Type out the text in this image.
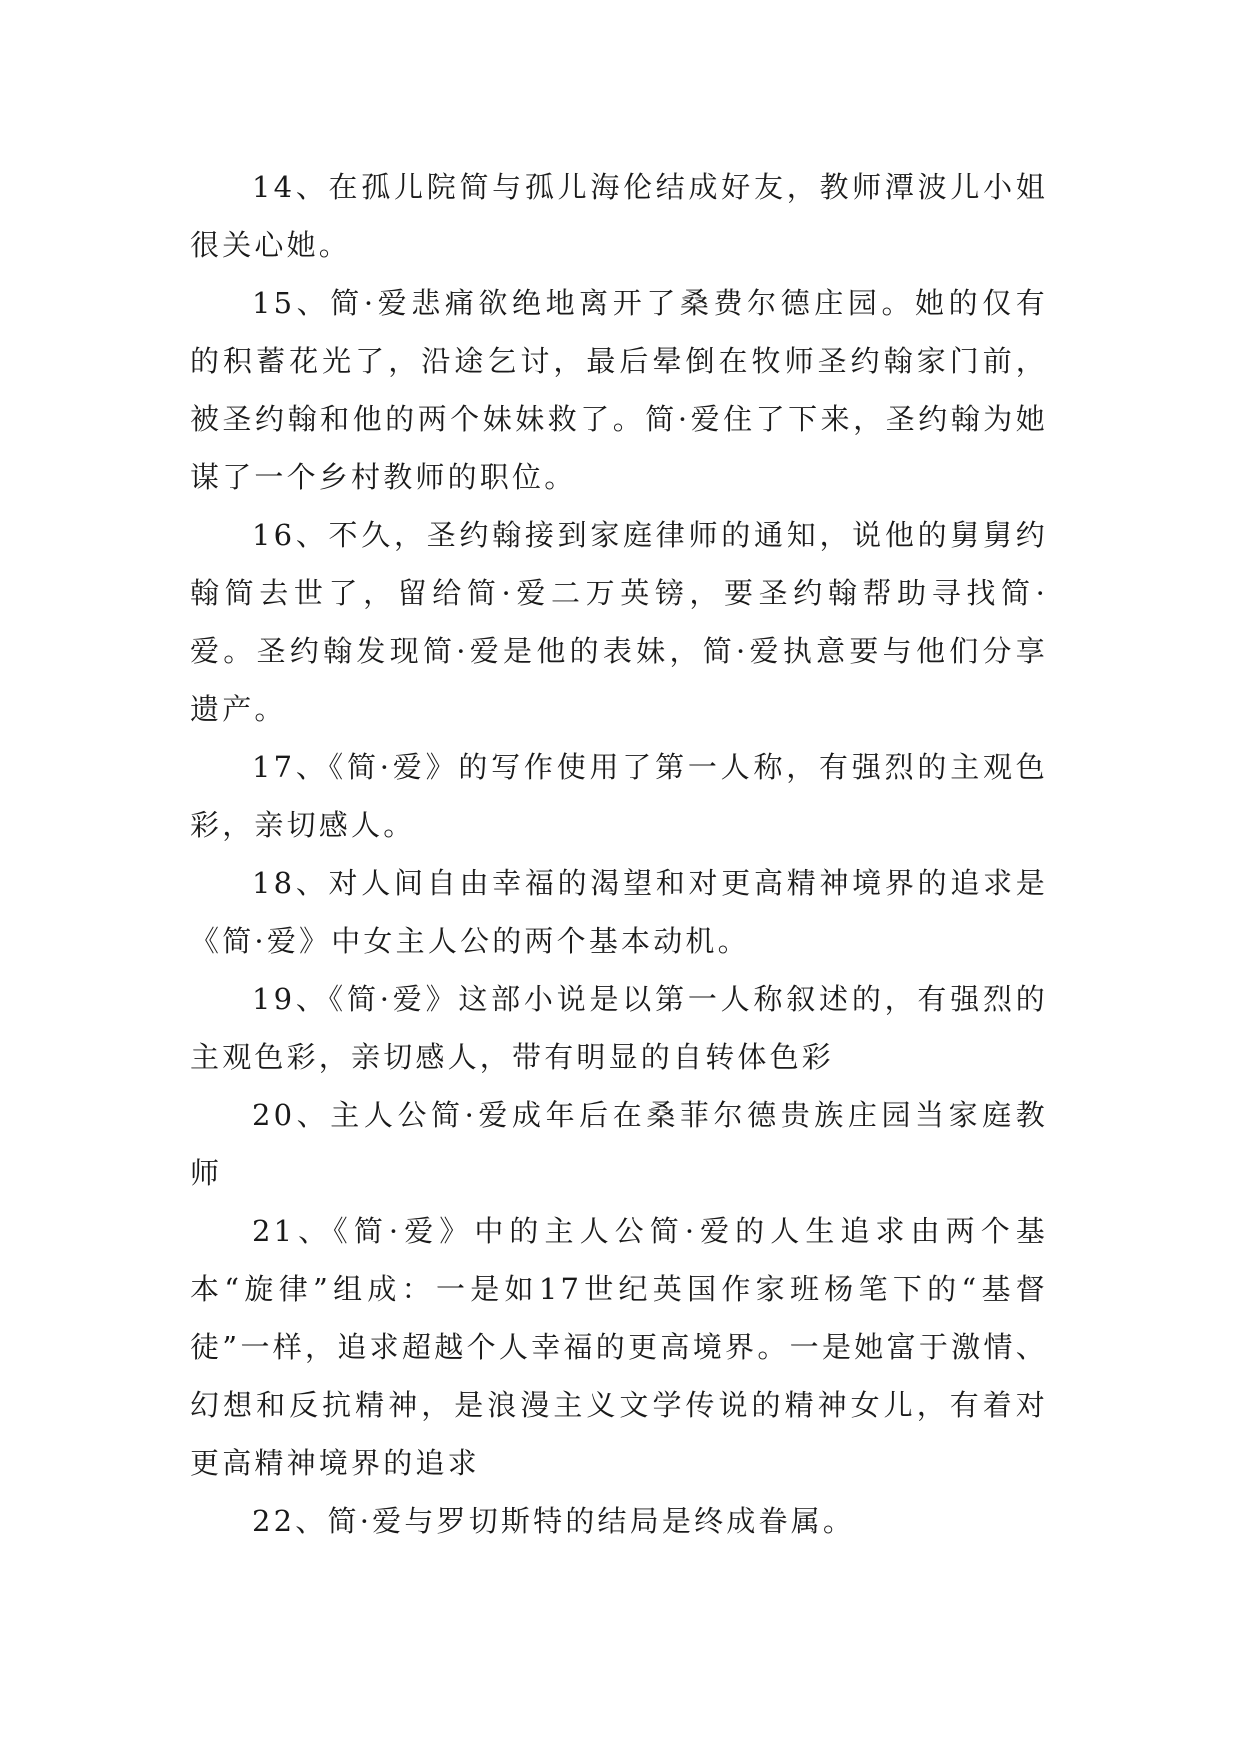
14、在孤儿院简与孤儿海伦结成好友，教师潭波儿小姐很关心她。

15、简·爱悲痛欲绝地离开了桑费尔德庄园。她的仅有的积蓄花光了，沿途乞讨，最后晕倒在牧师圣约翰家门前，被圣约翰和他的两个妹妹救了。简·爱住了下来，圣约翰为她谋了一个乡村教师的职位。

16、不久，圣约翰接到家庭律师的通知，说他的舅舅约翰简去世了，留给简·爱二万英镑，要圣约翰帮助寻找简·爱。圣约翰发现简·爱是他的表妹，简·爱执意要与他们分享遗产。

17、《简·爱》的写作使用了第一人称，有强烈的主观色彩，亲切感人。

18、对人间自由幸福的渴望和对更高精神境界的追求是《简·爱》中女主人公的两个基本动机。

19、《简·爱》这部小说是以第一人称叙述的，有强烈的主观色彩，亲切感人，带有明显的自转体色彩

20、主人公简·爱成年后在桑菲尔德贵族庄园当家庭教师

21、《简·爱》中的主人公简·爱的人生追求由两个基本“旋律”组成：一是如17世纪英国作家班杨笔下的“基督徒”一样，追求超越个人幸福的更高境界。一是她富于激情、幻想和反抗精神，是浪漫主义文学传说的精神女儿，有着对更高精神境界的追求

22、简·爱与罗切斯特的结局是终成眷属。
